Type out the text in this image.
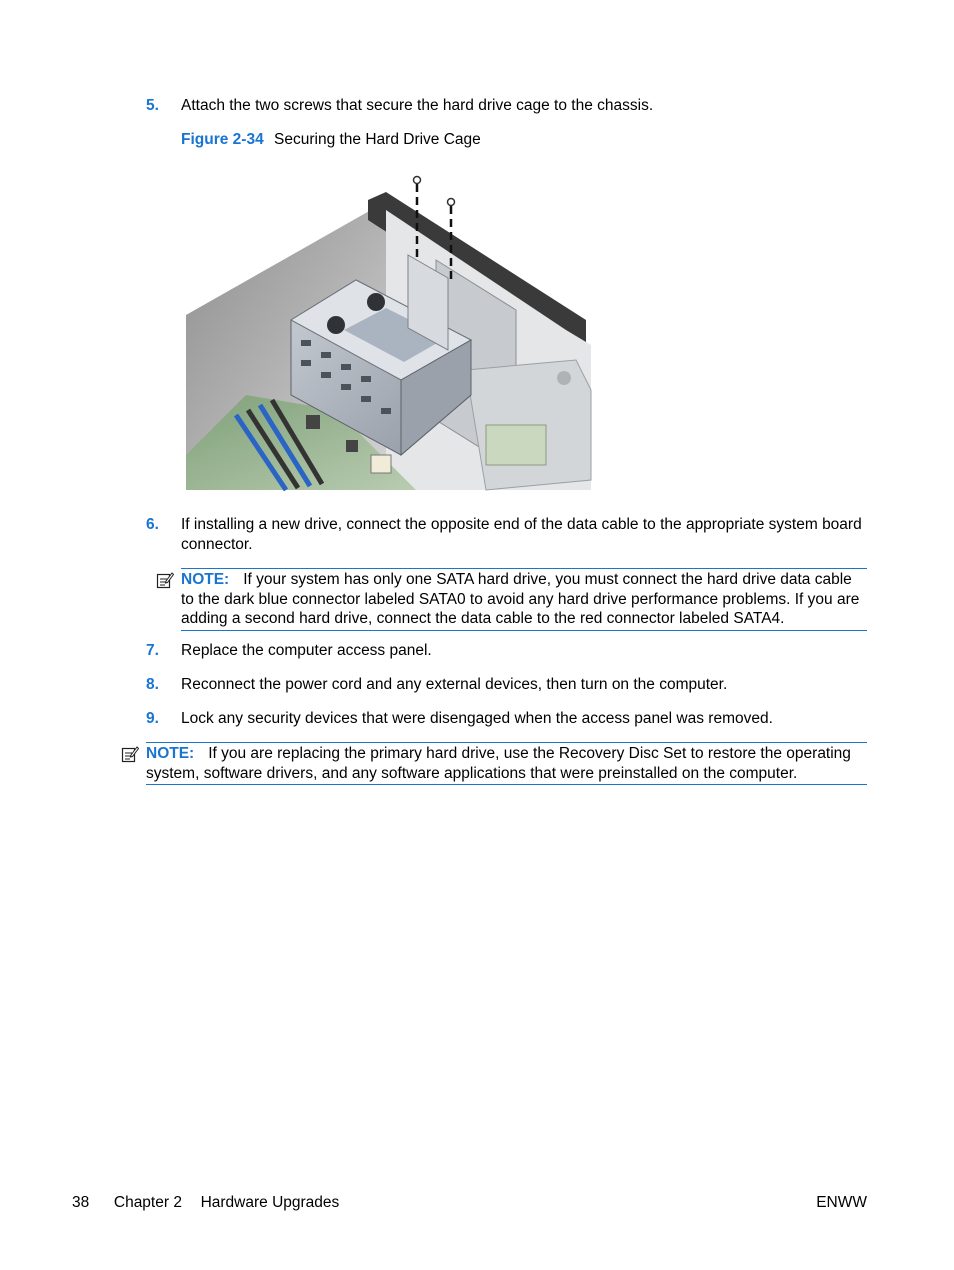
5. Attach the two screws that secure the hard drive cage to the chassis.
Figure 2-34 Securing the Hard Drive Cage
6. If installing a new drive, connect the opposite end of the data cable to the appropriate system board connector.
NOTE: If your system has only one SATA hard drive, you must connect the hard drive data cable to the dark blue connector labeled SATA0 to avoid any hard drive performance problems. If you are adding a second hard drive, connect the data cable to the red connector labeled SATA4.
7. Replace the computer access panel.
8. Reconnect the power cord and any external devices, then turn on the computer.
9. Lock any security devices that were disengaged when the access panel was removed.
NOTE: If you are replacing the primary hard drive, use the Recovery Disc Set to restore the operating system, software drivers, and any software applications that were preinstalled on the computer.
38 Chapter 2 Hardware Upgrades	ENWW
